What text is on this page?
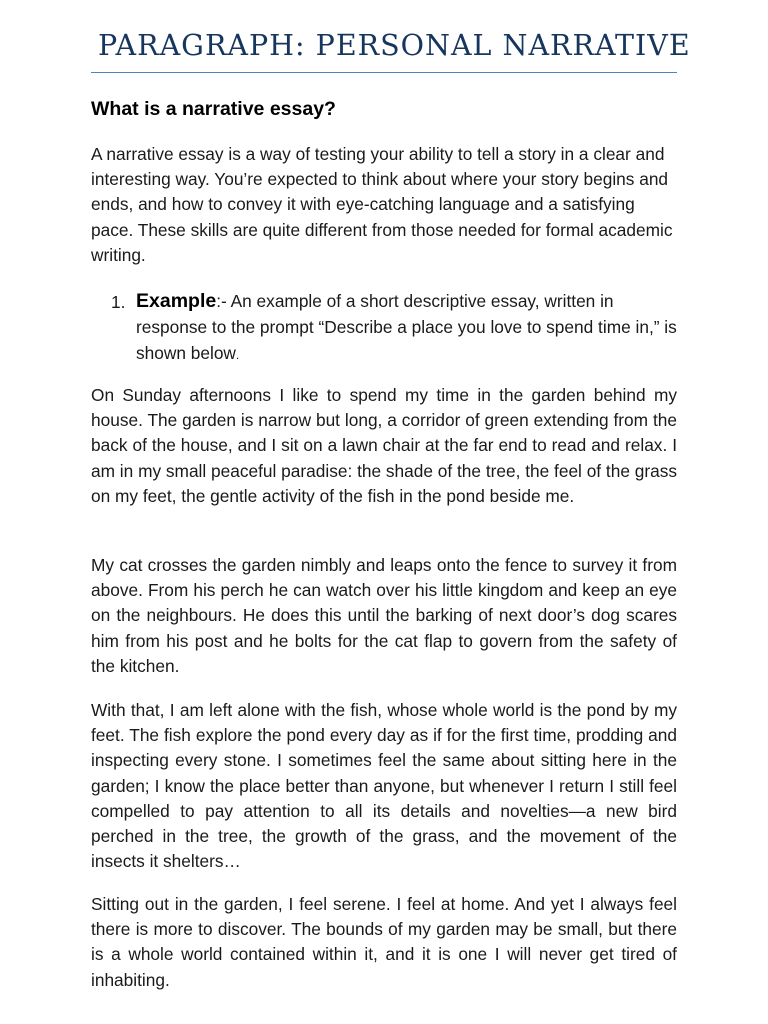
PARAGRAPH: PERSONAL NARRATIVE
What is a narrative essay?

A narrative essay is a way of testing your ability to tell a story in a clear and interesting way. You’re expected to think about where your story begins and ends, and how to convey it with eye-catching language and a satisfying pace. These skills are quite different from those needed for formal academic writing.

1. Example:- An example of a short descriptive essay, written in response to the prompt “Describe a place you love to spend time in,” is shown below.

On Sunday afternoons I like to spend my time in the garden behind my house. The garden is narrow but long, a corridor of green extending from the back of the house, and I sit on a lawn chair at the far end to read and relax. I am in my small peaceful paradise: the shade of the tree, the feel of the grass on my feet, the gentle activity of the fish in the pond beside me.

My cat crosses the garden nimbly and leaps onto the fence to survey it from above. From his perch he can watch over his little kingdom and keep an eye on the neighbours. He does this until the barking of next door’s dog scares him from his post and he bolts for the cat flap to govern from the safety of the kitchen.

With that, I am left alone with the fish, whose whole world is the pond by my feet. The fish explore the pond every day as if for the first time, prodding and inspecting every stone. I sometimes feel the same about sitting here in the garden; I know the place better than anyone, but whenever I return I still feel compelled to pay attention to all its details and novelties—a new bird perched in the tree, the growth of the grass, and the movement of the insects it shelters…

Sitting out in the garden, I feel serene. I feel at home. And yet I always feel there is more to discover. The bounds of my garden may be small, but there is a whole world contained within it, and it is one I will never get tired of inhabiting.
